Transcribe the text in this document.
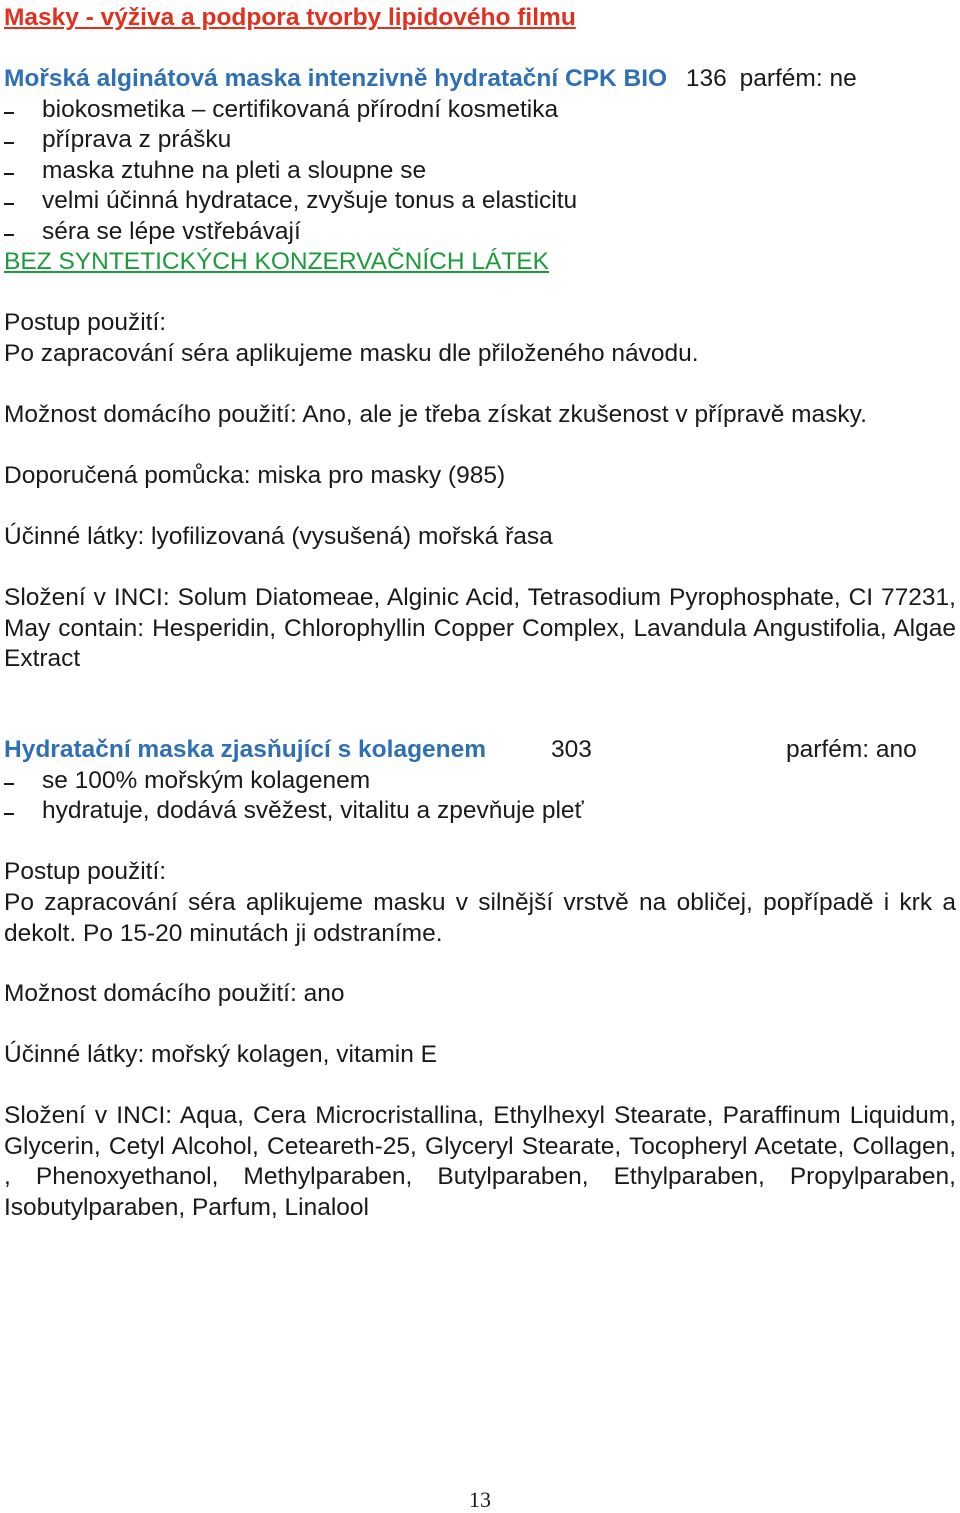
Masky - výživa a podpora tvorby lipidového filmu
Mořská alginátová maska intenzivně hydratační CPK BIO 136 parfém: ne
biokosmetika – certifikovaná přírodní kosmetika
příprava z prášku
maska ztuhne na pleti a sloupne se
velmi účinná hydratace, zvyšuje tonus a elasticitu
séra se lépe vstřebávají
BEZ SYNTETICKÝCH KONZERVAČNÍCH LÁTEK
Postup použití:
Po zapracování séra aplikujeme masku dle přiloženého návodu.
Možnost domácího použití: Ano, ale je třeba získat zkušenost v přípravě masky.
Doporučená pomůcka: miska pro masky (985)
Účinné látky: lyofilizovaná (vysušená) mořská řasa
Složení v INCI: Solum Diatomeae, Alginic Acid, Tetrasodium Pyrophosphate, CI 77231, May contain: Hesperidin, Chlorophyllin Copper Complex, Lavandula Angustifolia, Algae Extract
Hydratační maska zjasňující s kolagenem	303	parfém: ano
se 100% mořským kolagenem
hydratuje, dodává svěžest, vitalitu a zpevňuje pleť
Postup použití:
Po zapracování séra aplikujeme masku v silnější vrstvě na obličej, popřípadě i krk a dekolt. Po 15-20 minutách ji odstraníme.
Možnost domácího použití: ano
Účinné látky: mořský kolagen, vitamin E
Složení v INCI: Aqua, Cera Microcristallina, Ethylhexyl Stearate, Paraffinum Liquidum, Glycerin, Cetyl Alcohol, Ceteareth-25, Glyceryl Stearate, Tocopheryl Acetate, Collagen, , Phenoxyethanol, Methylparaben, Butylparaben, Ethylparaben, Propylparaben, Isobutylparaben, Parfum, Linalool
13
